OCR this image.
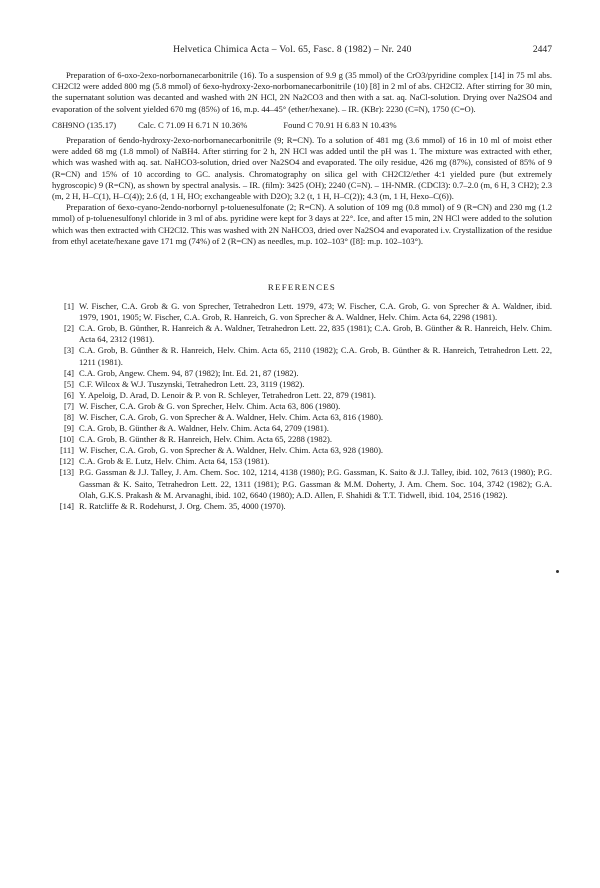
Helvetica Chimica Acta – Vol. 65, Fasc. 8 (1982) – Nr. 240	2447

Preparation of 6-oxo-2exo-norbornanecarbonitrile (16). To a suspension of 9.9 g (35 mmol) of the CrO3/pyridine complex [14] in 75 ml abs. CH2Cl2 were added 800 mg (5.8 mmol) of 6exo-hydroxy-2exo-norbornanecarbonitrile (10) [8] in 2 ml of abs. CH2Cl2. After stirring for 30 min, the supernatant solution was decanted and washed with 2N HCl, 2N Na2CO3 and then with a sat. aq. NaCl-solution. Drying over Na2SO4 and evaporation of the solvent yielded 670 mg (85%) of 16, m.p. 44–45° (ether/hexane). – IR. (KBr): 2230 (C≡N), 1750 (C=O).

C8H9NO (135.17)	Calc. C 71.09 H 6.71 N 10.36%	Found C 70.91 H 6.83 N 10.43%

Preparation of 6endo-hydroxy-2exo-norbornanecarbonitrile (9; R=CN). To a solution of 481 mg (3.6 mmol) of 16 in 10 ml of moist ether were added 68 mg (1.8 mmol) of NaBH4. After stirring for 2 h, 2N HCl was added until the pH was 1. The mixture was extracted with ether, which was washed with aq. sat. NaHCO3-solution, dried over Na2SO4 and evaporated. The oily residue, 426 mg (87%), consisted of 85% of 9 (R=CN) and 15% of 10 according to GC. analysis. Chromatography on silica gel with CH2Cl2/ether 4:1 yielded pure (but extremely hygroscopic) 9 (R=CN), as shown by spectral analysis. – IR. (film): 3425 (OH); 2240 (C≡N). – 1H-NMR. (CDCl3): 0.7–2.0 (m, 6 H, 3 CH2); 2.3 (m, 2 H, H–C(1), H–C(4)); 2.6 (d, 1 H, HO; exchangeable with D2O); 3.2 (t, 1 H, H–C(2)); 4.3 (m, 1 H, Hexo–C(6)).

Preparation of 6exo-cyano-2endo-norbornyl p-toluenesulfonate (2; R=CN). A solution of 109 mg (0.8 mmol) of 9 (R=CN) and 230 mg (1.2 mmol) of p-toluenesulfonyl chloride in 3 ml of abs. pyridine were kept for 3 days at 22°. Ice, and after 15 min, 2N HCl were added to the solution which was then extracted with CH2Cl2. This was washed with 2N NaHCO3, dried over Na2SO4 and evaporated i.v. Crystallization of the residue from ethyl acetate/hexane gave 171 mg (74%) of 2 (R=CN) as needles, m.p. 102–103° ([8]: m.p. 102–103°).

REFERENCES
[1] W. Fischer, C.A. Grob & G. von Sprecher, Tetrahedron Lett. 1979, 473; W. Fischer, C.A. Grob, G. von Sprecher & A. Waldner, ibid. 1979, 1901, 1905; W. Fischer, C.A. Grob, R. Hanreich, G. von Sprecher & A. Waldner, Helv. Chim. Acta 64, 2298 (1981).
[2] C.A. Grob, B. Günther, R. Hanreich & A. Waldner, Tetrahedron Lett. 22, 835 (1981); C.A. Grob, B. Günther & R. Hanreich, Helv. Chim. Acta 64, 2312 (1981).
[3] C.A. Grob, B. Günther & R. Hanreich, Helv. Chim. Acta 65, 2110 (1982); C.A. Grob, B. Günther & R. Hanreich, Tetrahedron Lett. 22, 1211 (1981).
[4] C.A. Grob, Angew. Chem. 94, 87 (1982); Int. Ed. 21, 87 (1982).
[5] C.F. Wilcox & W.J. Tuszynski, Tetrahedron Lett. 23, 3119 (1982).
[6] Y. Apeloig, D. Arad, D. Lenoir & P. von R. Schleyer, Tetrahedron Lett. 22, 879 (1981).
[7] W. Fischer, C.A. Grob & G. von Sprecher, Helv. Chim. Acta 63, 806 (1980).
[8] W. Fischer, C.A. Grob, G. von Sprecher & A. Waldner, Helv. Chim. Acta 63, 816 (1980).
[9] C.A. Grob, B. Günther & A. Waldner, Helv. Chim. Acta 64, 2709 (1981).
[10] C.A. Grob, B. Günther & R. Hanreich, Helv. Chim. Acta 65, 2288 (1982).
[11] W. Fischer, C.A. Grob, G. von Sprecher & A. Waldner, Helv. Chim. Acta 63, 928 (1980).
[12] C.A. Grob & E. Lutz, Helv. Chim. Acta 64, 153 (1981).
[13] P.G. Gassman & J.J. Talley, J. Am. Chem. Soc. 102, 1214, 4138 (1980); P.G. Gassman, K. Saito & J.J. Talley, ibid. 102, 7613 (1980); P.G. Gassman & K. Saito, Tetrahedron Lett. 22, 1311 (1981); P.G. Gassman & M.M. Doherty, J. Am. Chem. Soc. 104, 3742 (1982); G.A. Olah, G.K.S. Prakash & M. Arvanaghi, ibid. 102, 6640 (1980); A.D. Allen, F. Shahidi & T.T. Tidwell, ibid. 104, 2516 (1982).
[14] R. Ratcliffe & R. Rodehurst, J. Org. Chem. 35, 4000 (1970).
